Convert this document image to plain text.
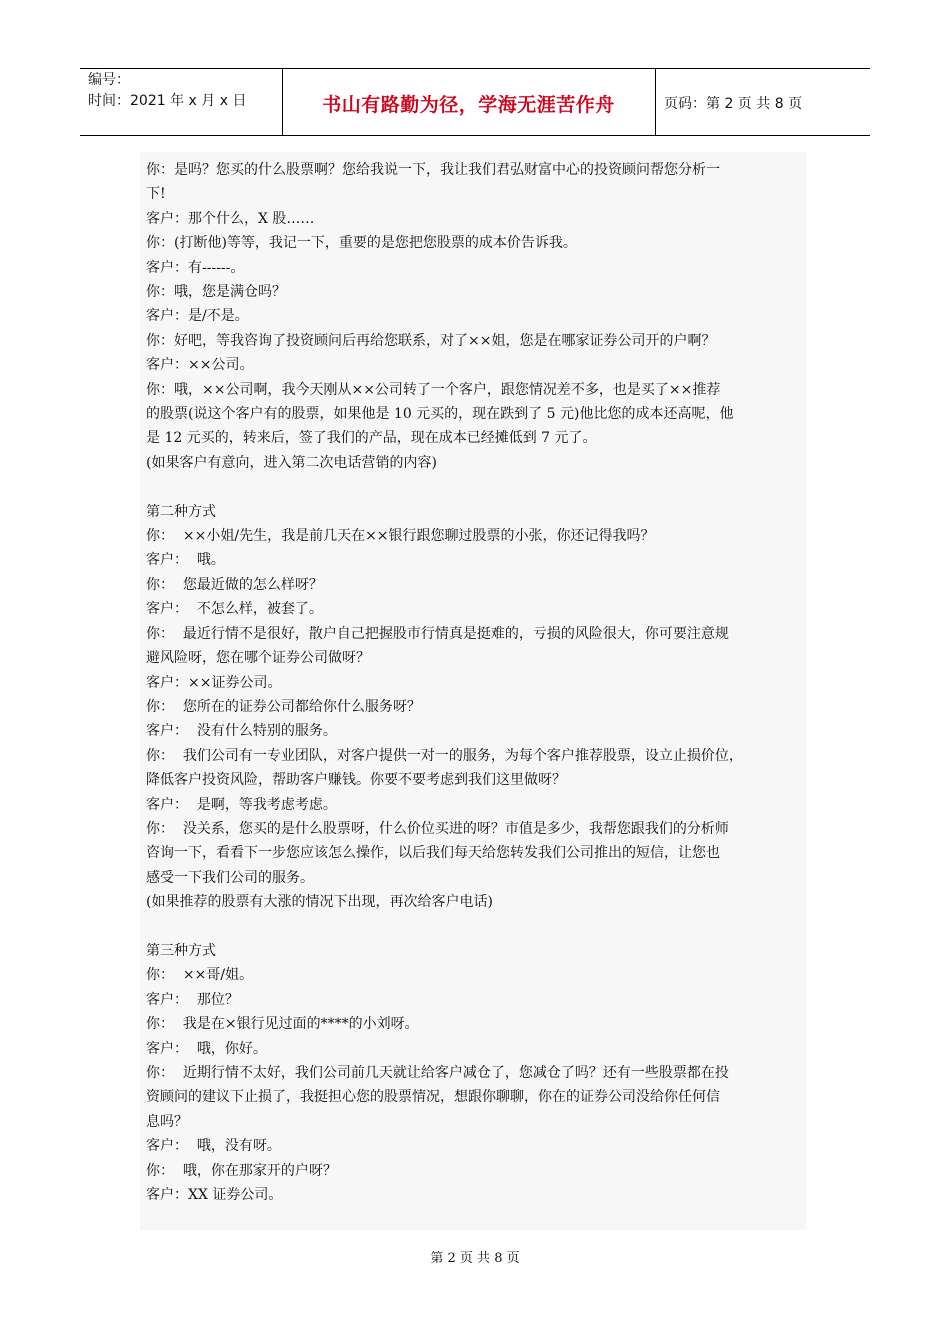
编号：
时间：2021 年 x 月 x 日	书山有路勤为径，学海无涯苦作舟	页码：第 2 页 共 8 页

你：是吗？您买的什么股票啊？您给我说一下，我让我们君弘财富中心的投资顾问帮您分析一

下!

客户：那个什么，X 股……

你：(打断他)等等，我记一下，重要的是您把您股票的成本价告诉我。

客户：有------。

你：哦，您是满仓吗？

客户：是/不是。

你：好吧，等我咨询了投资顾问后再给您联系，对了××姐，您是在哪家证券公司开的户啊？

客户：××公司。

你：哦，××公司啊，我今天刚从××公司转了一个客户，跟您情况差不多，也是买了××推荐

的股票(说这个客户有的股票，如果他是 10 元买的，现在跌到了 5 元)他比您的成本还高呢，他

是 12 元买的，转来后，签了我们的产品，现在成本已经摊低到 7 元了。

(如果客户有意向，进入第二次电话营销的内容)

第二种方式

你：  ××小姐/先生，我是前几天在××银行跟您聊过股票的小张，你还记得我吗？

客户：  哦。

你：  您最近做的怎么样呀？

客户：  不怎么样，被套了。

你：  最近行情不是很好，散户自己把握股市行情真是挺难的，亏损的风险很大，你可要注意规

避风险呀，您在哪个证券公司做呀？

客户：××证券公司。

你：  您所在的证券公司都给你什么服务呀？

客户：  没有什么特别的服务。

你：  我们公司有一专业团队，对客户提供一对一的服务，为每个客户推荐股票，设立止损价位，

降低客户投资风险，帮助客户赚钱。你要不要考虑到我们这里做呀？

客户：  是啊，等我考虑考虑。

你：  没关系，您买的是什么股票呀，什么价位买进的呀？市值是多少，我帮您跟我们的分析师

咨询一下，看看下一步您应该怎么操作，以后我们每天给您转发我们公司推出的短信，让您也

感受一下我们公司的服务。

(如果推荐的股票有大涨的情况下出现，再次给客户电话)

第三种方式

你：  ××哥/姐。

客户：  那位？

你：  我是在×银行见过面的****的小刘呀。

客户：  哦，你好。

你：  近期行情不太好，我们公司前几天就让给客户减仓了，您减仓了吗？还有一些股票都在投

资顾问的建议下止损了，我挺担心您的股票情况，想跟你聊聊，你在的证券公司没给你任何信

息吗？

客户：  哦，没有呀。

你：  哦，你在那家开的户呀？

客户：XX 证券公司。

第 2 页 共 8 页
